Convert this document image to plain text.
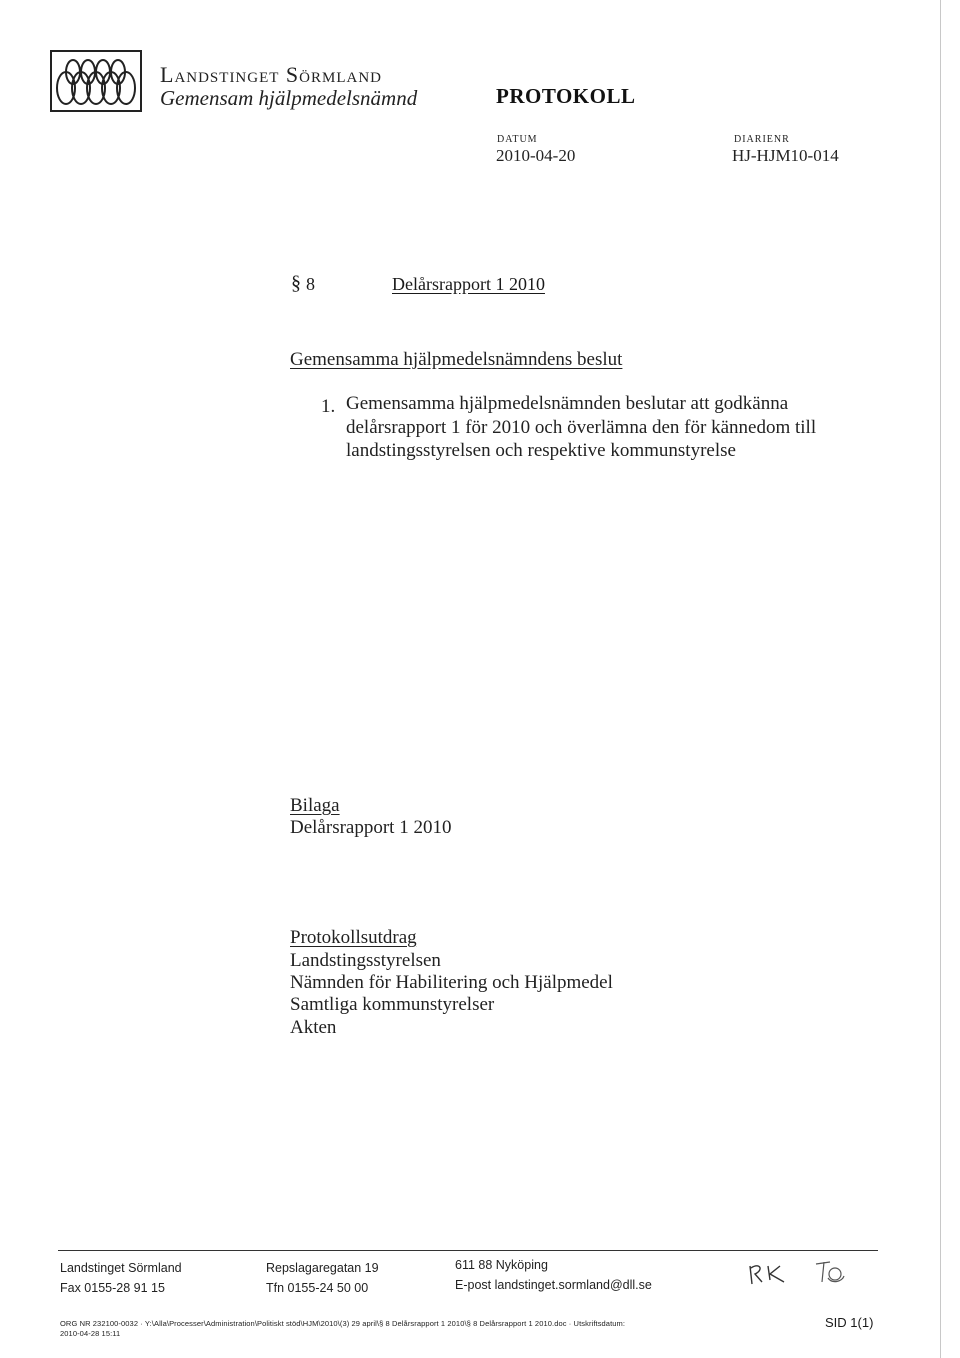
Landstinget Sörmland
Gemensam hjälpmedelsnämnd	PROTOKOLL
DATUM
2010-04-20
DIARIENR
HJ-HJM10-014
§ 8	Delårsrapport 1 2010
Gemensamma hjälpmedelsnämndens beslut
1. Gemensamma hjälpmedelsnämnden beslutar att godkänna
delårsrapport 1 för 2010 och överlämna den för kännedom till
landstingsstyrelsen och respektive kommunstyrelse
Bilaga
Delårsrapport 1 2010
Protokollsutdrag
Landstingsstyrelsen
Nämnden för Habilitering och Hjälpmedel
Samtliga kommunstyrelser
Akten
Landstinget Sörmland
Fax 0155-28 91 15
Repslagaregatan 19
Tfn 0155-24 50 00
611 88 Nyköping
E-post landstinget.sormland@dll.se
ORG NR 232100-0032 · Y:\Alla\Processer\Administration\Politiskt stöd\HJM\2010\(3) 29 april\§ 8 Delårsrapport 1 2010\§ 8 Delårsrapport 1 2010.doc · Utskriftsdatum:
2010-04-28 15:11
SID 1(1)
